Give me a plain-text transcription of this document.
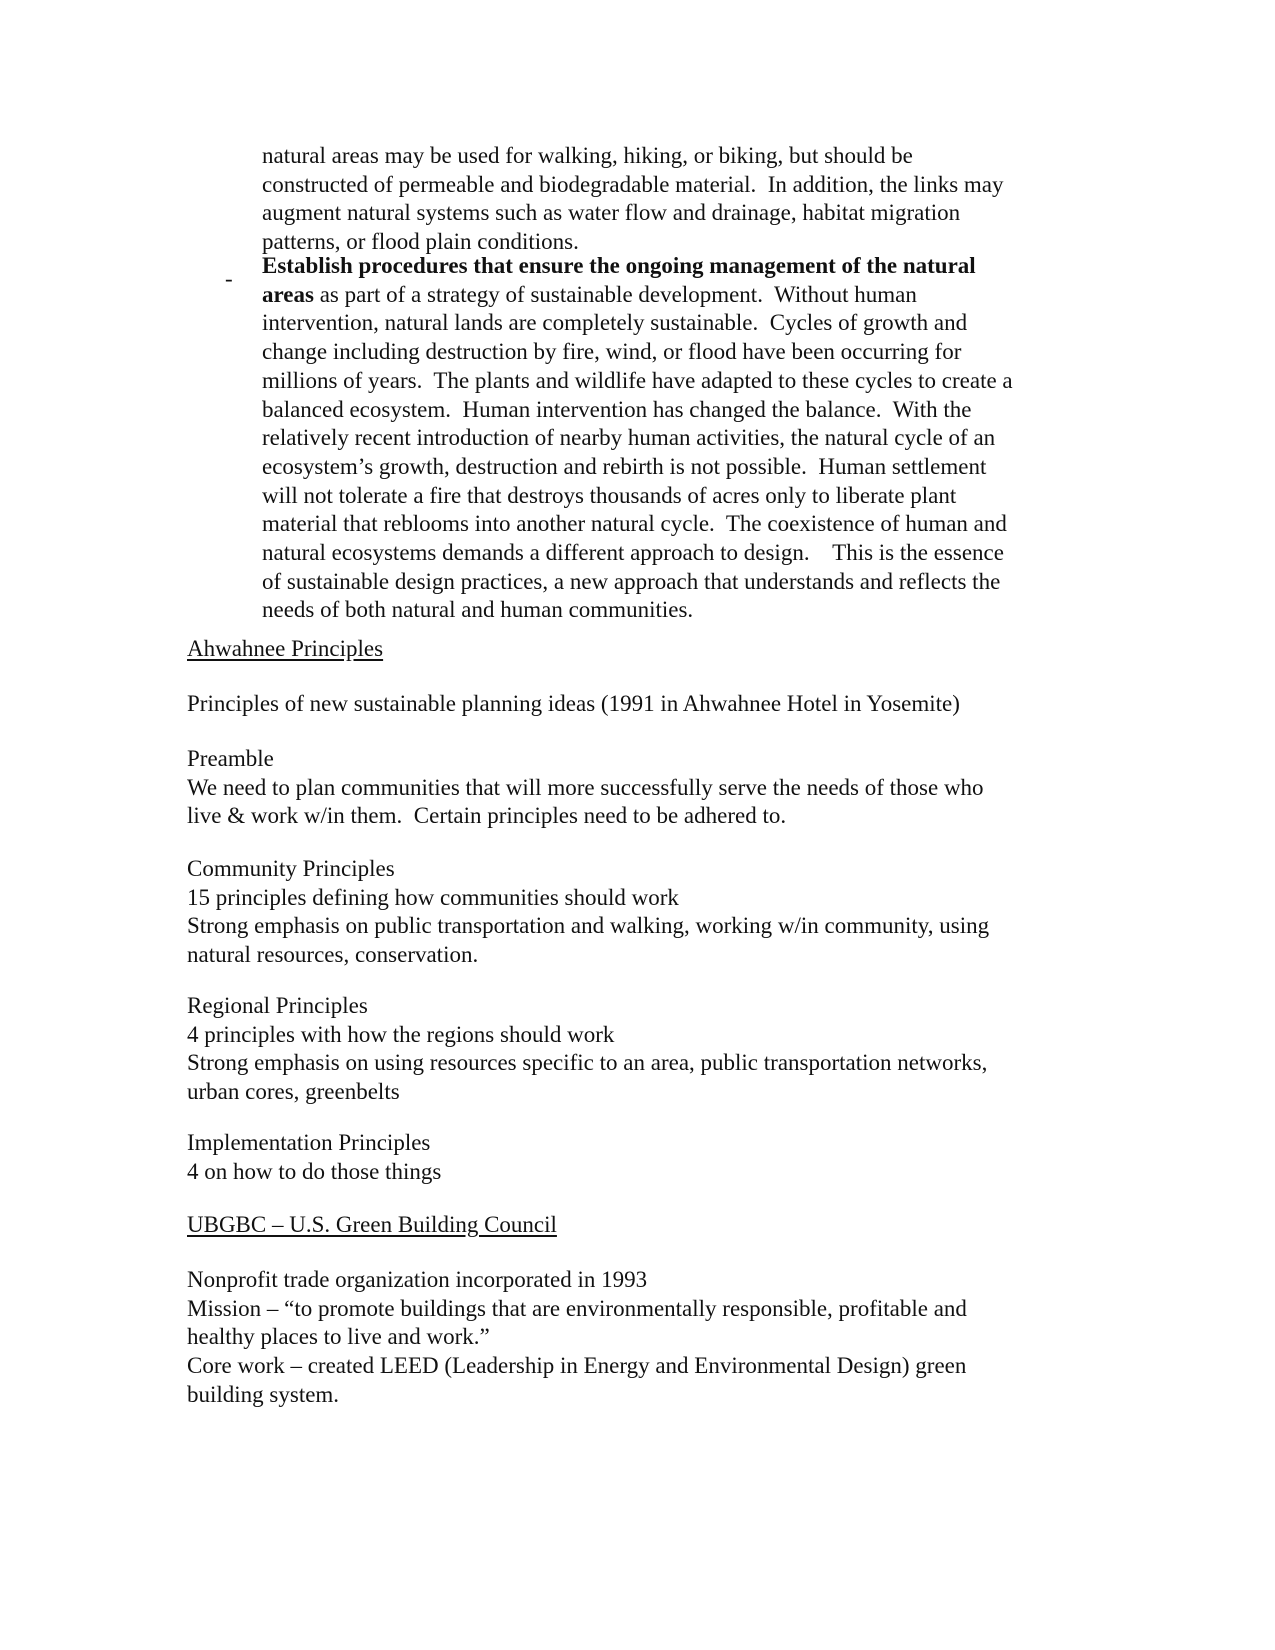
natural areas may be used for walking, hiking, or biking, but should be

constructed of permeable and biodegradable material.  In addition, the links may

augment natural systems such as water flow and drainage, habitat migration

patterns, or flood plain conditions.

-

Establish procedures that ensure the ongoing management of the natural

areas as part of a strategy of sustainable development.  Without human

intervention, natural lands are completely sustainable.  Cycles of growth and

change including destruction by fire, wind, or flood have been occurring for

millions of years.  The plants and wildlife have adapted to these cycles to create a

balanced ecosystem.  Human intervention has changed the balance.  With the

relatively recent introduction of nearby human activities, the natural cycle of an

ecosystem’s growth, destruction and rebirth is not possible.  Human settlement

will not tolerate a fire that destroys thousands of acres only to liberate plant

material that reblooms into another natural cycle.  The coexistence of human and

natural ecosystems demands a different approach to design.    This is the essence

of sustainable design practices, a new approach that understands and reflects the

needs of both natural and human communities.

Ahwahnee Principles

Principles of new sustainable planning ideas (1991 in Ahwahnee Hotel in Yosemite)

Preamble

We need to plan communities that will more successfully serve the needs of those who

live & work w/in them.  Certain principles need to be adhered to.

Community Principles

15 principles defining how communities should work

Strong emphasis on public transportation and walking, working w/in community, using

natural resources, conservation.

Regional Principles

4 principles with how the regions should work

Strong emphasis on using resources specific to an area, public transportation networks,

urban cores, greenbelts

Implementation Principles

4 on how to do those things

UBGBC – U.S. Green Building Council

Nonprofit trade organization incorporated in 1993

Mission – “to promote buildings that are environmentally responsible, profitable and

healthy places to live and work.”

Core work – created LEED (Leadership in Energy and Environmental Design) green

building system.
